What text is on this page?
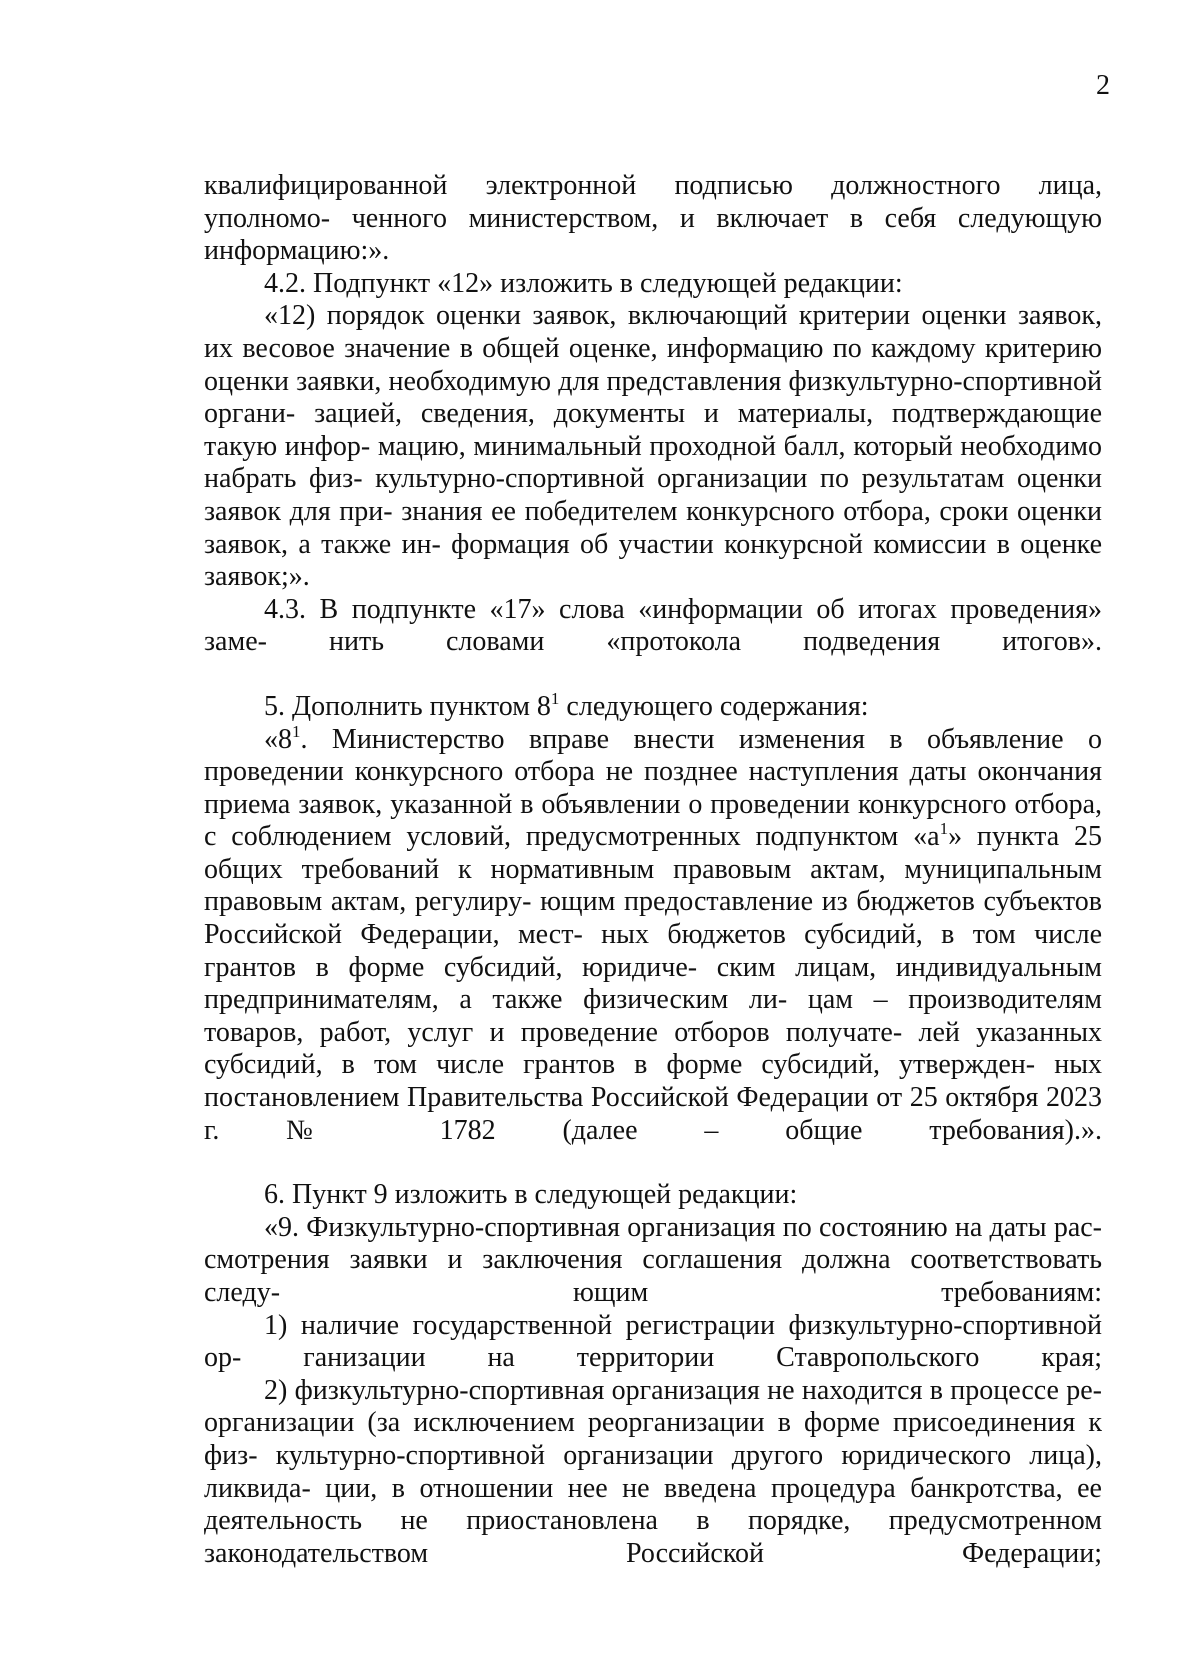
2

квалифицированной электронной подписью должностного лица, уполномо- ченного министерством, и включает в себя следующую информацию:».

4.2. Подпункт «12» изложить в следующей редакции:

«12) порядок оценки заявок, включающий критерии оценки заявок, их весовое значение в общей оценке, информацию по каждому критерию оценки заявки, необходимую для представления физкультурно-спортивной органи- зацией, сведения, документы и материалы, подтверждающие такую инфор- мацию, минимальный проходной балл, который необходимо набрать физ- культурно-спортивной организации по результатам оценки заявок для при- знания ее победителем конкурсного отбора, сроки оценки заявок, а также ин- формация об участии конкурсной комиссии в оценке заявок;».

4.3. В подпункте «17» слова «информации об итогах проведения» заме- нить словами «протокола подведения итогов».

5. Дополнить пунктом $8^1$ следующего содержания:

«$8^1$. Министерство вправе внести изменения в объявление о проведении конкурсного отбора не позднее наступления даты окончания приема заявок, указанной в объявлении о проведении конкурсного отбора, с соблюдением условий, предусмотренных подпунктом «$а^1$» пункта 25 общих требований к нормативным правовым актам, муниципальным правовым актам, регулиру- ющим предоставление из бюджетов субъектов Российской Федерации, мест- ных бюджетов субсидий, в том числе грантов в форме субсидий, юридиче- ским лицам, индивидуальным предпринимателям, а также физическим ли- цам – производителям товаров, работ, услуг и проведение отборов получате- лей указанных субсидий, в том числе грантов в форме субсидий, утвержден- ных постановлением Правительства Российской Федерации от 25 октября 2023 г. № 1782 (далее – общие требования).».

6. Пункт 9 изложить в следующей редакции:

«9. Физкультурно-спортивная организация по состоянию на даты рас- смотрения заявки и заключения соглашения должна соответствовать следу-	ющим требованиям:

1) наличие государственной регистрации физкультурно-спортивной ор- ганизации на территории Ставропольского края;

2) физкультурно-спортивная организация не находится в процессе ре- организации (за исключением реорганизации в форме присоединения к физ- культурно-спортивной организации другого юридического лица), ликвида- ции, в отношении нее не введена процедура банкротства, ее деятельность не приостановлена в порядке, предусмотренном законодательством Российской	Федерации;
